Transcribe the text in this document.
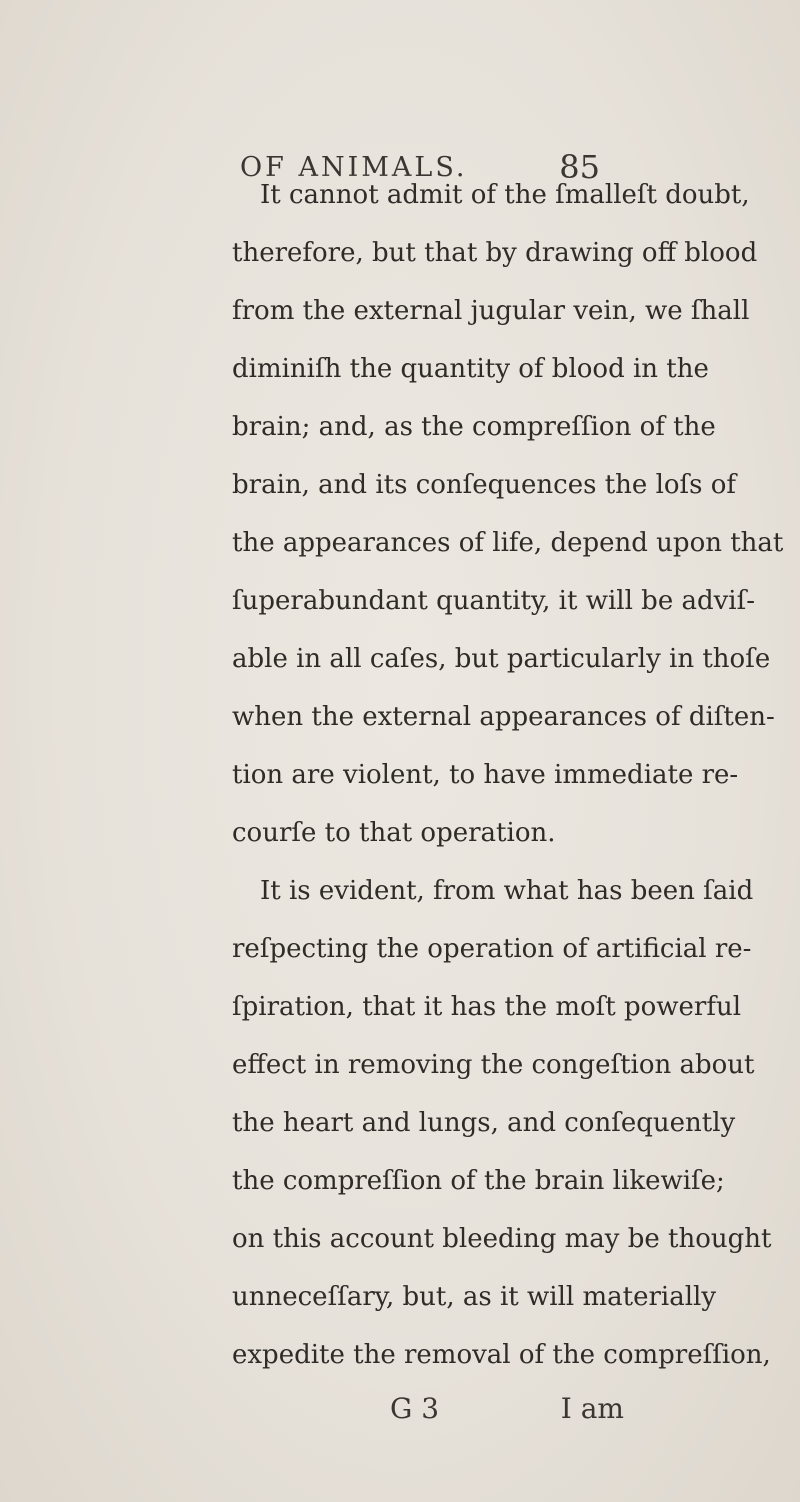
OF ANIMALS.	85
It cannot admit of the ſmalleſt doubt,
therefore, but that by drawing off blood
from the external jugular vein, we ſhall
diminiſh the quantity of blood in the
brain; and, as the compreſſion of the
brain, and its conſequences the loſs of
the appearances of life, depend upon that
ſuperabundant quantity, it will be adviſ-
able in all caſes, but particularly in thoſe
when the external appearances of diſten-
tion are violent, to have immediate re-
courſe to that operation.
It is evident, from what has been ſaid
reſpecting the operation of artificial re-
ſpiration, that it has the moſt powerful
effect in removing the congeſtion about
the heart and lungs, and conſequently
the compreſſion of the brain likewiſe;
on this account bleeding may be thought
unneceſſary, but, as it will materially
expedite the removal of the compreſſion,
G 3	I am
